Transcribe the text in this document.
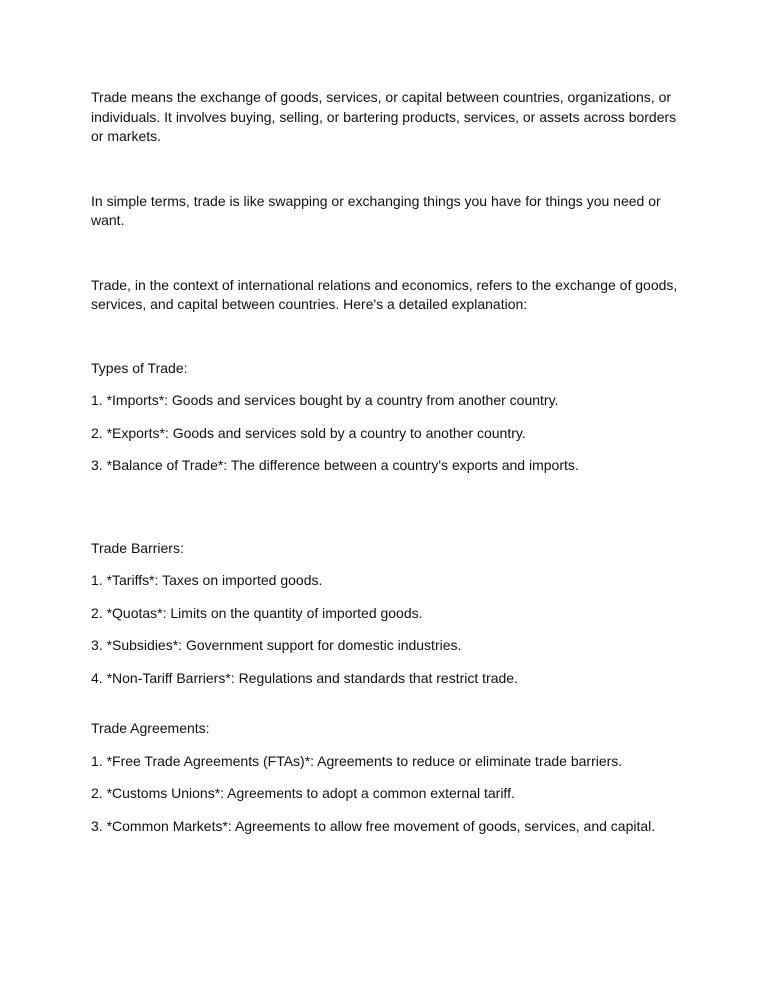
Trade means the exchange of goods, services, or capital between countries, organizations, or individuals. It involves buying, selling, or bartering products, services, or assets across borders or markets.

In simple terms, trade is like swapping or exchanging things you have for things you need or want.

Trade, in the context of international relations and economics, refers to the exchange of goods, services, and capital between countries. Here's a detailed explanation:

Types of Trade:

1. *Imports*: Goods and services bought by a country from another country.

2. *Exports*: Goods and services sold by a country to another country.

3. *Balance of Trade*: The difference between a country's exports and imports.

Trade Barriers:

1. *Tariffs*: Taxes on imported goods.

2. *Quotas*: Limits on the quantity of imported goods.

3. *Subsidies*: Government support for domestic industries.

4. *Non-Tariff Barriers*: Regulations and standards that restrict trade.

Trade Agreements:

1. *Free Trade Agreements (FTAs)*: Agreements to reduce or eliminate trade barriers.

2. *Customs Unions*: Agreements to adopt a common external tariff.

3. *Common Markets*: Agreements to allow free movement of goods, services, and capital.
